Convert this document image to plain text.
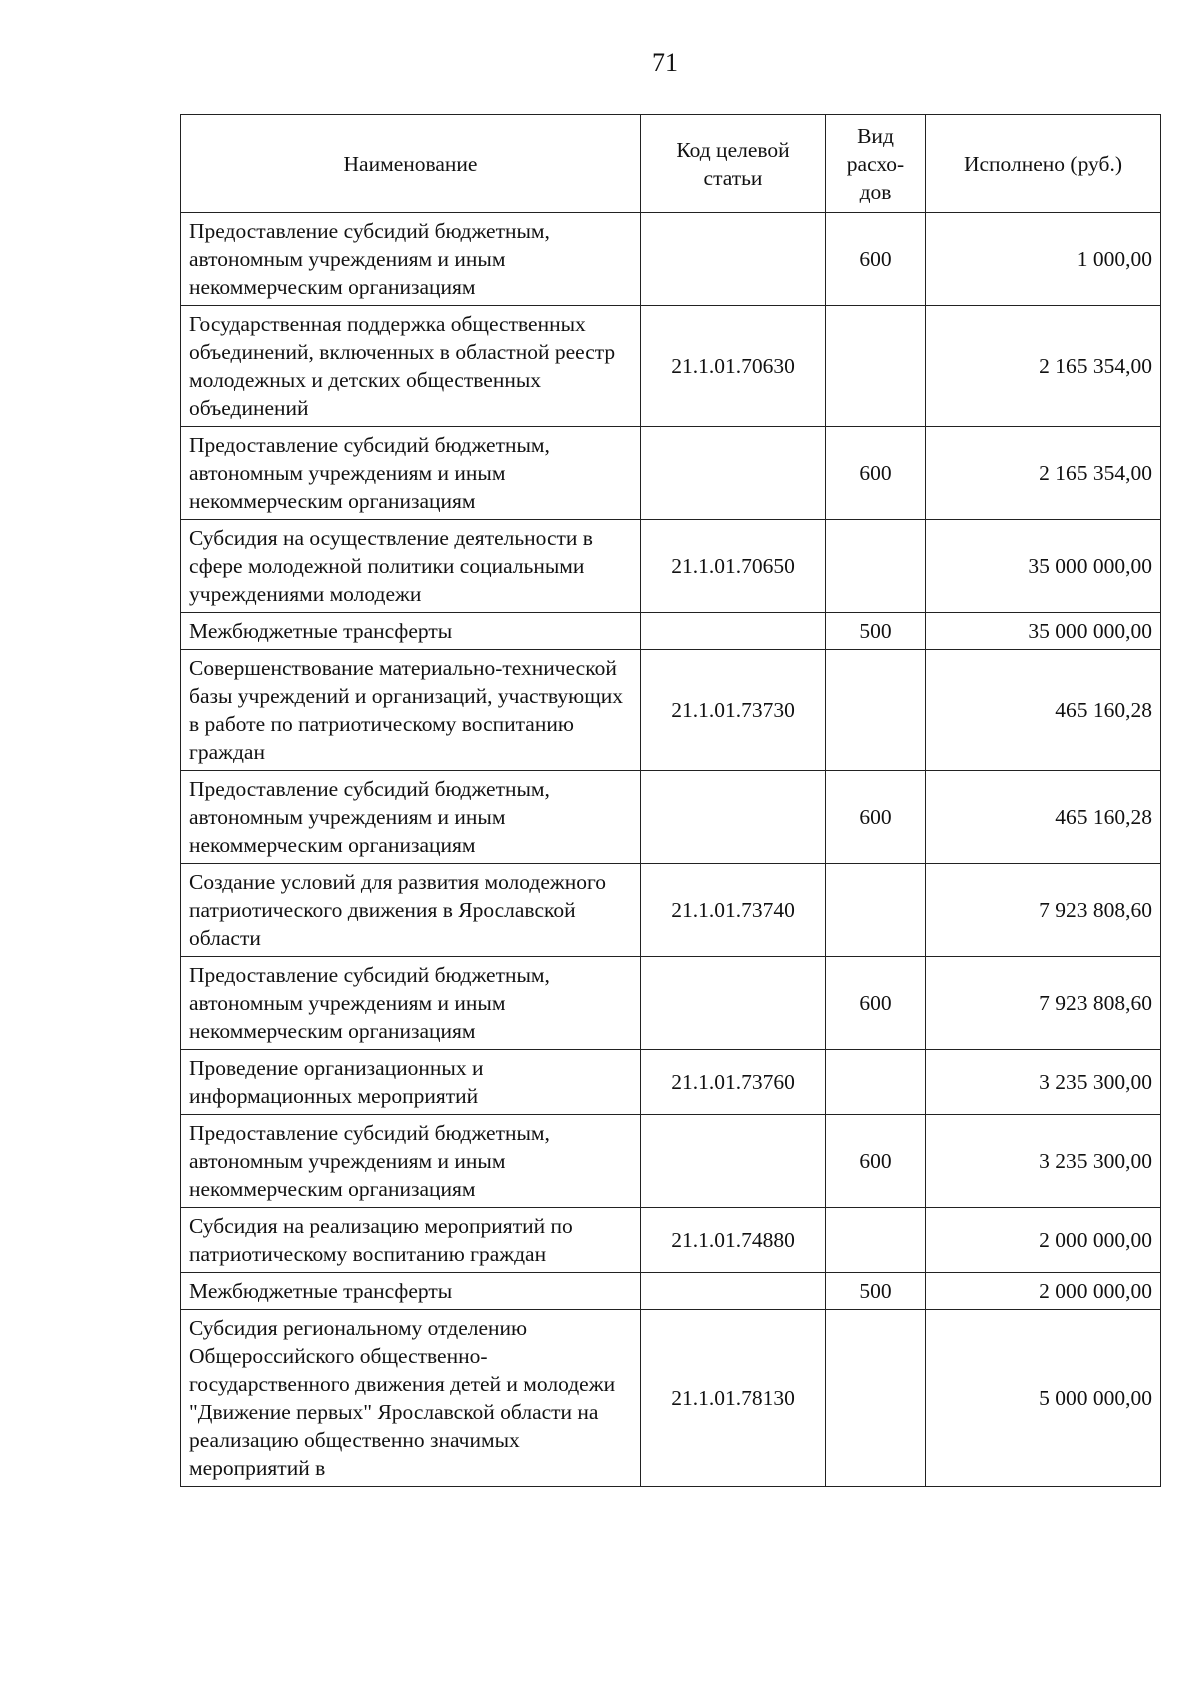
71
Наименование	Код целевой статьи	Вид расхо-дов	Исполнено (руб.)
Предоставление субсидий бюджетным, автономным учреждениям и иным некоммерческим организациям		600	1 000,00
Государственная поддержка общественных объединений, включенных в областной реестр молодежных и детских общественных объединений	21.1.01.70630		2 165 354,00
Предоставление субсидий бюджетным, автономным учреждениям и иным некоммерческим организациям		600	2 165 354,00
Субсидия на осуществление деятельности в сфере молодежной политики социальными учреждениями молодежи	21.1.01.70650		35 000 000,00
Межбюджетные трансферты		500	35 000 000,00
Совершенствование материально-технической базы учреждений и организаций, участвующих в работе по патриотическому воспитанию граждан	21.1.01.73730		465 160,28
Предоставление субсидий бюджетным, автономным учреждениям и иным некоммерческим организациям		600	465 160,28
Создание условий для развития молодежного патриотического движения в Ярославской области	21.1.01.73740		7 923 808,60
Предоставление субсидий бюджетным, автономным учреждениям и иным некоммерческим организациям		600	7 923 808,60
Проведение организационных и информационных мероприятий	21.1.01.73760		3 235 300,00
Предоставление субсидий бюджетным, автономным учреждениям и иным некоммерческим организациям		600	3 235 300,00
Субсидия на реализацию мероприятий по патриотическому воспитанию граждан	21.1.01.74880		2 000 000,00
Межбюджетные трансферты		500	2 000 000,00
Субсидия региональному отделению Общероссийского общественно-государственного движения детей и молодежи "Движение первых" Ярославской области на реализацию общественно значимых мероприятий в	21.1.01.78130		5 000 000,00
